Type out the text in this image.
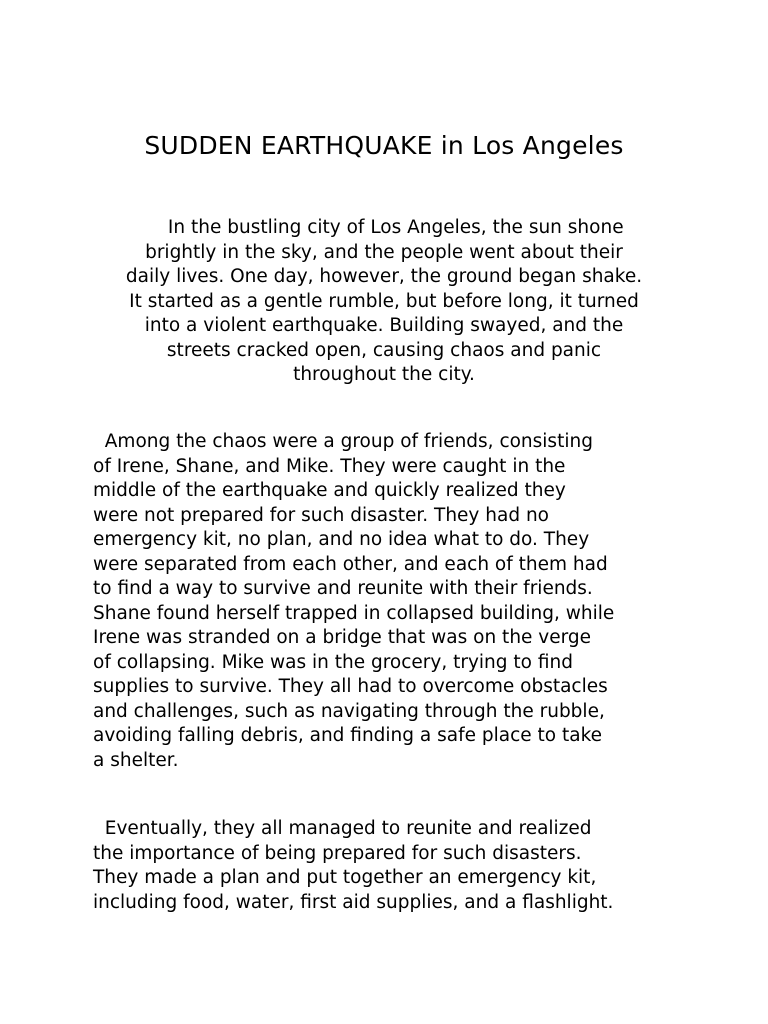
SUDDEN EARTHQUAKE in Los Angeles

In the bustling city of Los Angeles, the sun shone
brightly in the sky, and the people went about their
daily lives. One day, however, the ground began shake.
It started as a gentle rumble, but before long, it turned
into a violent earthquake. Building swayed, and the
streets cracked open, causing chaos and panic
throughout the city.

Among the chaos were a group of friends, consisting
of Irene, Shane, and Mike. They were caught in the
middle of the earthquake and quickly realized they
were not prepared for such disaster. They had no
emergency kit, no plan, and no idea what to do. They
were separated from each other, and each of them had
to find a way to survive and reunite with their friends.
Shane found herself trapped in collapsed building, while
Irene was stranded on a bridge that was on the verge
of collapsing. Mike was in the grocery, trying to find
supplies to survive. They all had to overcome obstacles
and challenges, such as navigating through the rubble,
avoiding falling debris, and finding a safe place to take
a shelter.

Eventually, they all managed to reunite and realized
the importance of being prepared for such disasters.
They made a plan and put together an emergency kit,
including food, water, first aid supplies, and a flashlight.
